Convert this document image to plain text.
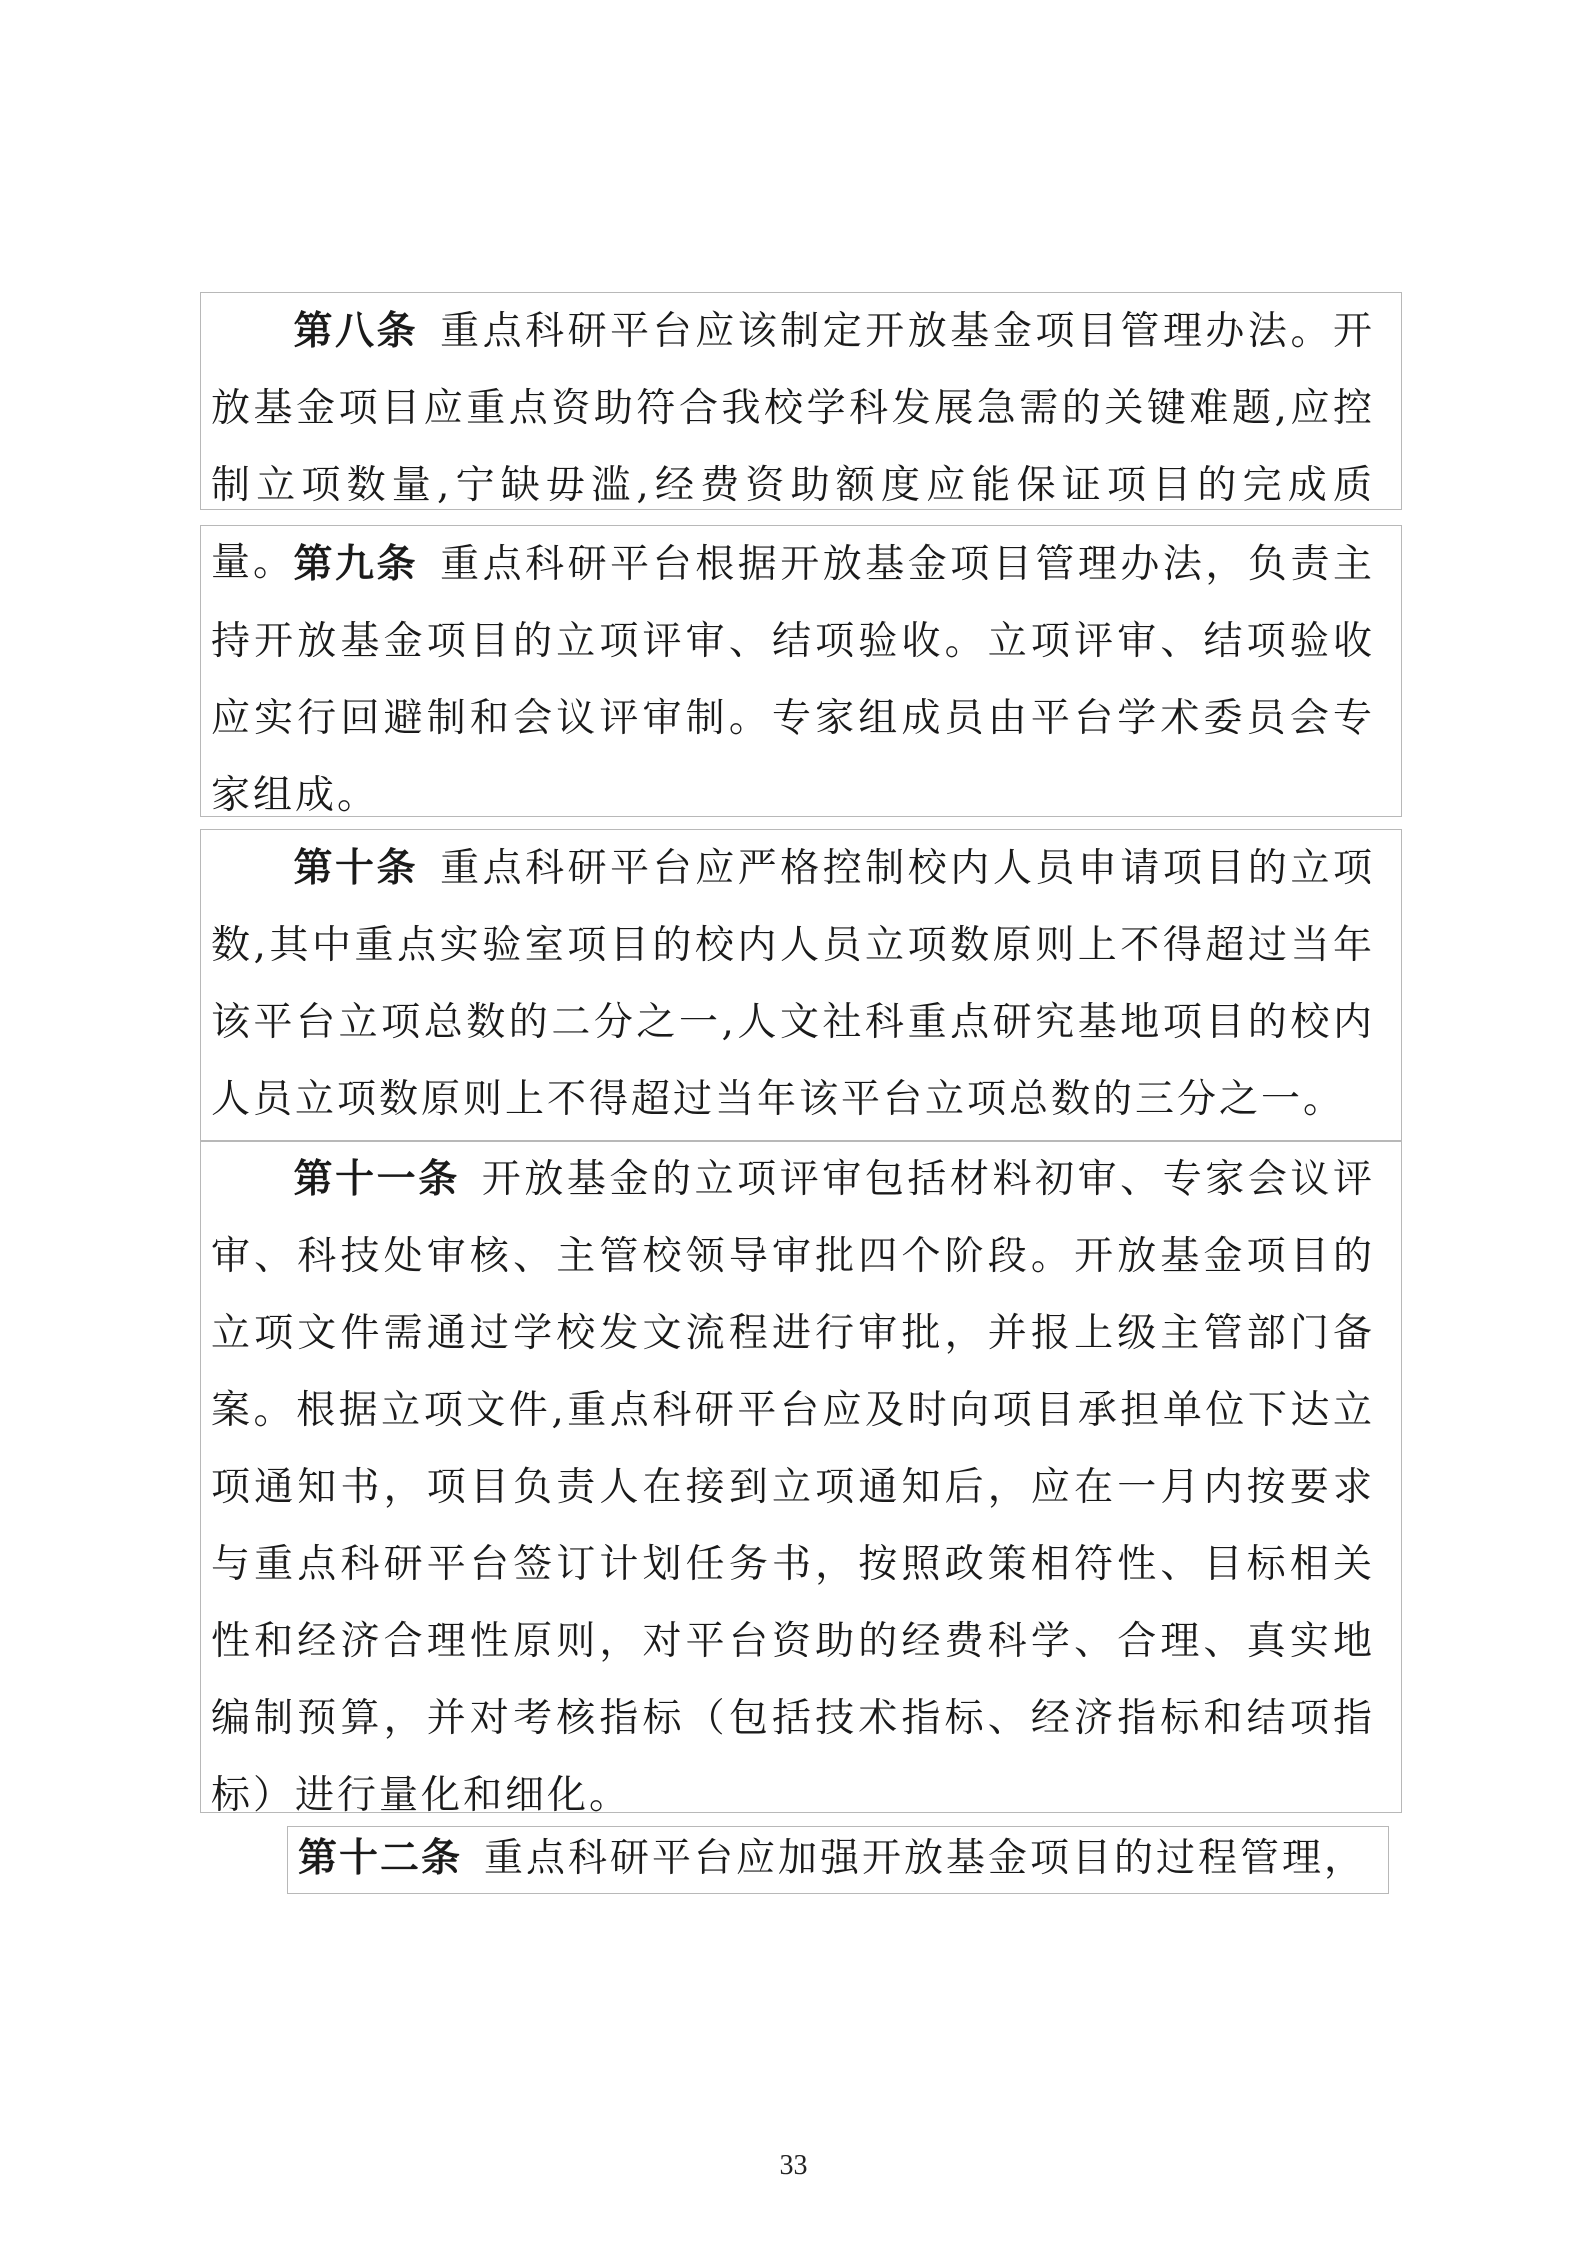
第八条 重点科研平台应该制定开放基金项目管理办法。开放基金项目应重点资助符合我校学科发展急需的关键难题,应控制立项数量,宁缺毋滥,经费资助额度应能保证项目的完成质量。
第九条 重点科研平台根据开放基金项目管理办法，负责主持开放基金项目的立项评审、结项验收。立项评审、结项验收应实行回避制和会议评审制。专家组成员由平台学术委员会专家组成。
第十条 重点科研平台应严格控制校内人员申请项目的立项数,其中重点实验室项目的校内人员立项数原则上不得超过当年该平台立项总数的二分之一,人文社科重点研究基地项目的校内人员立项数原则上不得超过当年该平台立项总数的三分之一。
第十一条 开放基金的立项评审包括材料初审、专家会议评审、科技处审核、主管校领导审批四个阶段。开放基金项目的立项文件需通过学校发文流程进行审批，并报上级主管部门备案。根据立项文件,重点科研平台应及时向项目承担单位下达立项通知书，项目负责人在接到立项通知后，应在一月内按要求与重点科研平台签订计划任务书，按照政策相符性、目标相关性和经济合理性原则，对平台资助的经费科学、合理、真实地编制预算，并对考核指标（包括技术指标、经济指标和结项指标）进行量化和细化。
第十二条 重点科研平台应加强开放基金项目的过程管理，
33
